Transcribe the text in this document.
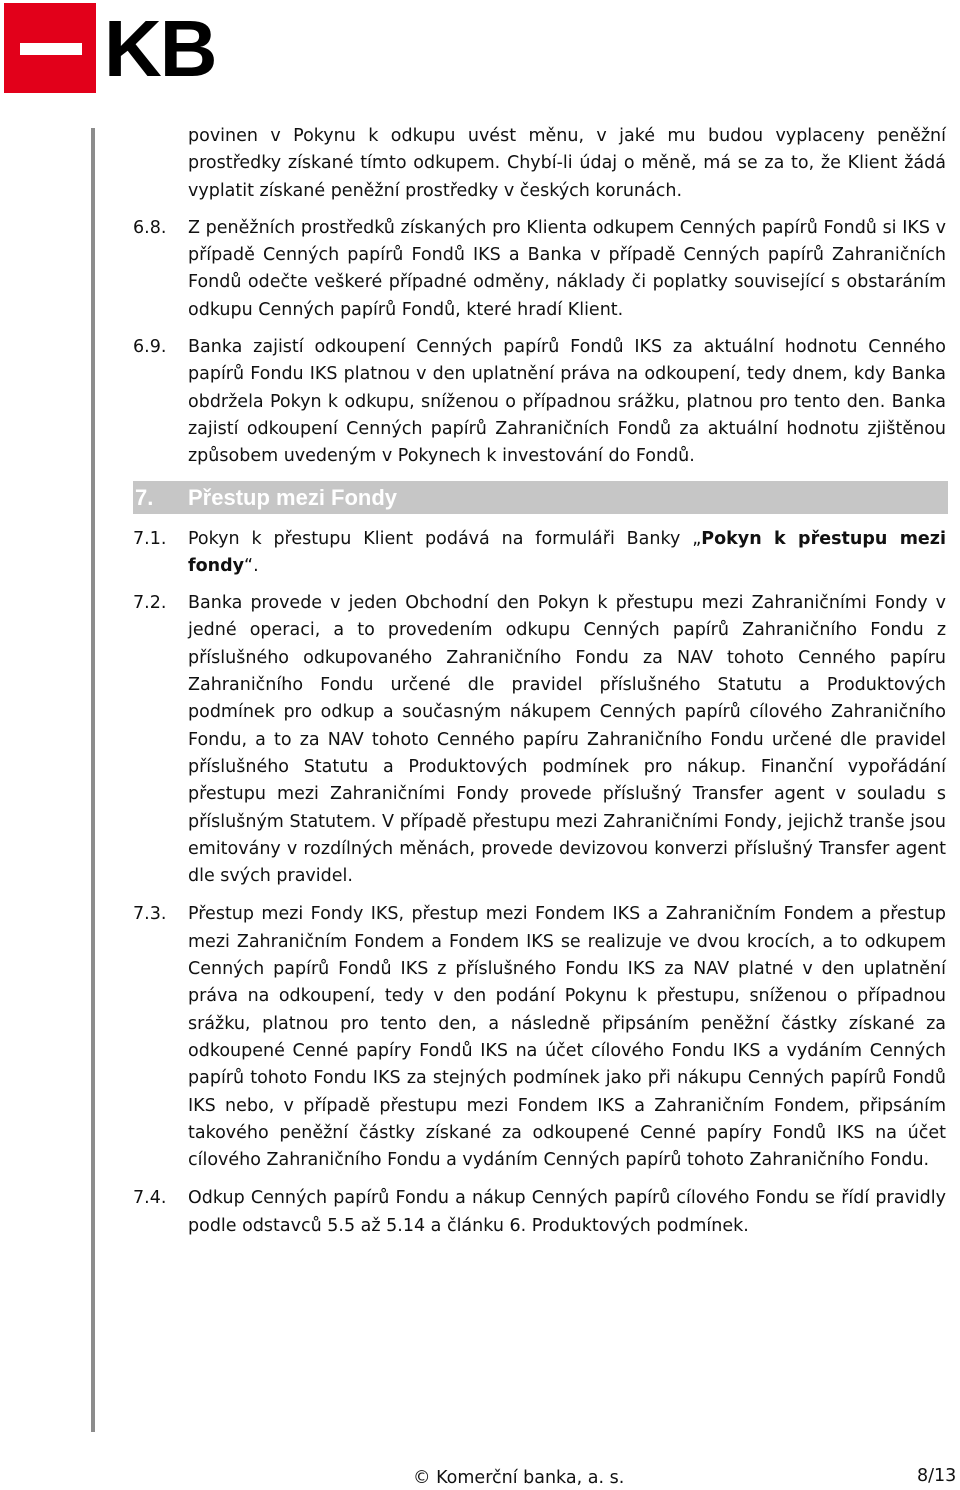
KB

povinen v Pokynu k odkupu uvést měnu, v jaké mu budou vyplaceny peněžní prostředky získané tímto odkupem. Chybí-li údaj o měně, má se za to, že Klient žádá vyplatit získané peněžní prostředky v českých korunách.

6.8. Z peněžních prostředků získaných pro Klienta odkupem Cenných papírů Fondů si IKS v případě Cenných papírů Fondů IKS a Banka v případě Cenných papírů Zahraničních Fondů odečte veškeré případné odměny, náklady či poplatky související s obstaráním odkupu Cenných papírů Fondů, které hradí Klient.

6.9. Banka zajistí odkoupení Cenných papírů Fondů IKS za aktuální hodnotu Cenného papírů Fondu IKS platnou v den uplatnění práva na odkoupení, tedy dnem, kdy Banka obdržela Pokyn k odkupu, sníženou o případnou srážku, platnou pro tento den. Banka zajistí odkoupení Cenných papírů Zahraničních Fondů za aktuální hodnotu zjištěnou způsobem uvedeným v Pokynech k investování do Fondů.

7. Přestup mezi Fondy

7.1. Pokyn k přestupu Klient podává na formuláři Banky „Pokyn k přestupu mezi fondy“.

7.2. Banka provede v jeden Obchodní den Pokyn k přestupu mezi Zahraničními Fondy v jedné operaci, a to provedením odkupu Cenných papírů Zahraničního Fondu z příslušného odkupovaného Zahraničního Fondu za NAV tohoto Cenného papíru Zahraničního Fondu určené dle pravidel příslušného Statutu a Produktových podmínek pro odkup a současným nákupem Cenných papírů cílového Zahraničního Fondu, a to za NAV tohoto Cenného papíru Zahraničního Fondu určené dle pravidel příslušného Statutu a Produktových podmínek pro nákup. Finanční vypořádání přestupu mezi Zahraničními Fondy provede příslušný Transfer agent v souladu s příslušným Statutem. V případě přestupu mezi Zahraničními Fondy, jejichž tranše jsou emitovány v rozdílných měnách, provede devizovou konverzi příslušný Transfer agent dle svých pravidel.

7.3. Přestup mezi Fondy IKS, přestup mezi Fondem IKS a Zahraničním Fondem a přestup mezi Zahraničním Fondem a Fondem IKS se realizuje ve dvou krocích, a to odkupem Cenných papírů Fondů IKS z příslušného Fondu IKS za NAV platné v den uplatnění práva na odkoupení, tedy v den podání Pokynu k přestupu, sníženou o případnou srážku, platnou pro tento den, a následně připsáním peněžní částky získané za odkoupené Cenné papíry Fondů IKS na účet cílového Fondu IKS a vydáním Cenných papírů tohoto Fondu IKS za stejných podmínek jako při nákupu Cenných papírů Fondů IKS nebo, v případě přestupu mezi Fondem IKS a Zahraničním Fondem, připsáním takového peněžní částky získané za odkoupené Cenné papíry Fondů IKS na účet cílového Zahraničního Fondu a vydáním Cenných papírů tohoto Zahraničního Fondu.

7.4. Odkup Cenných papírů Fondu a nákup Cenných papírů cílového Fondu se řídí pravidly podle odstavců 5.5 až 5.14 a článku 6. Produktových podmínek.

© Komerční banka, a. s.	8/13
